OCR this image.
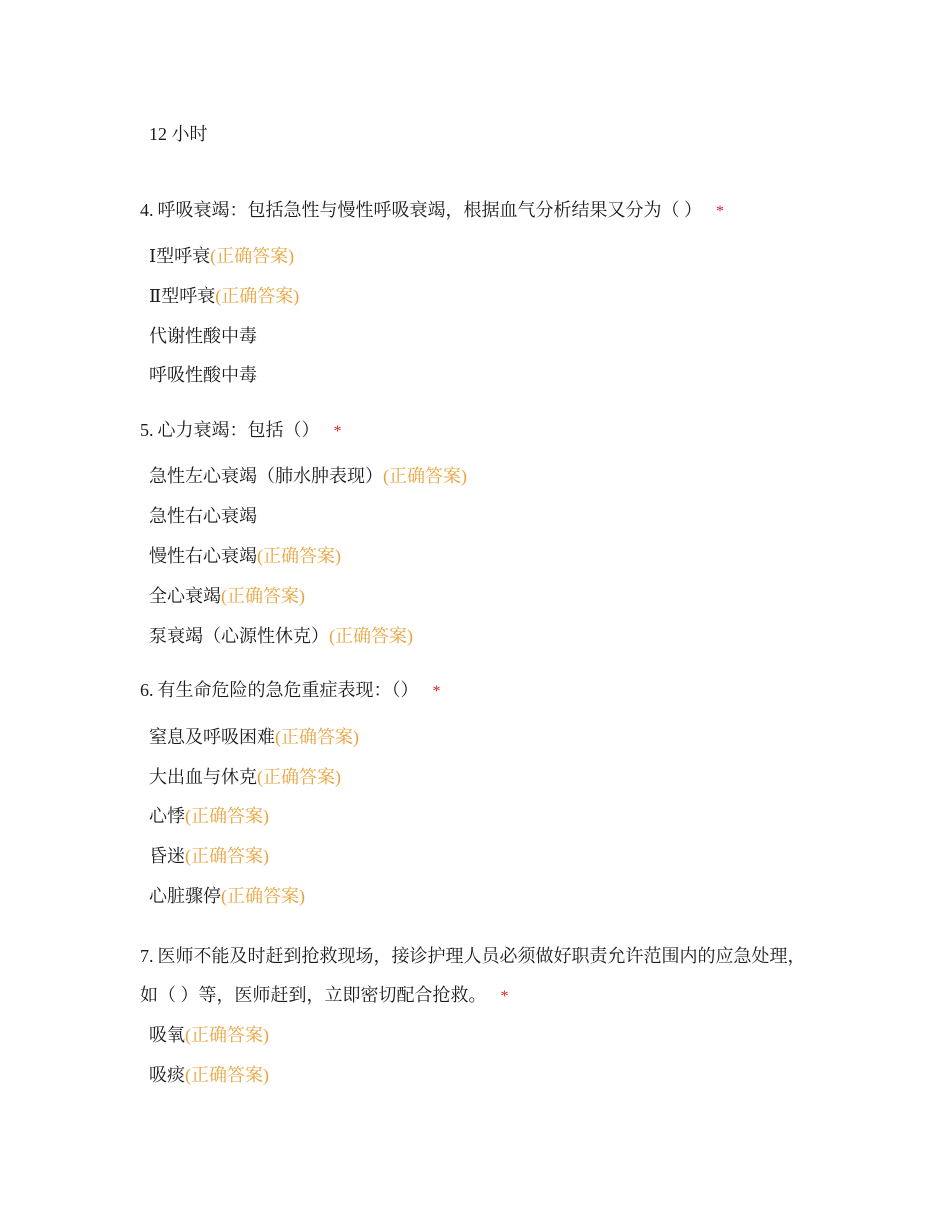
12 小时
4. 呼吸衰竭：包括急性与慢性呼吸衰竭，根据血气分析结果又分为（ ） *
Ⅰ型呼衰(正确答案)
Ⅱ型呼衰(正确答案)
代谢性酸中毒
呼吸性酸中毒
5. 心力衰竭：包括（） *
急性左心衰竭（肺水肿表现）(正确答案)
急性右心衰竭
慢性右心衰竭(正确答案)
全心衰竭(正确答案)
泵衰竭（心源性休克）(正确答案)
6. 有生命危险的急危重症表现：（） *
窒息及呼吸困难(正确答案)
大出血与休克(正确答案)
心悸(正确答案)
昏迷(正确答案)
心脏骤停(正确答案)
7. 医师不能及时赶到抢救现场，接诊护理人员必须做好职责允许范围内的应急处理，如（ ）等，医师赶到，立即密切配合抢救。 *
吸氧(正确答案)
吸痰(正确答案)
